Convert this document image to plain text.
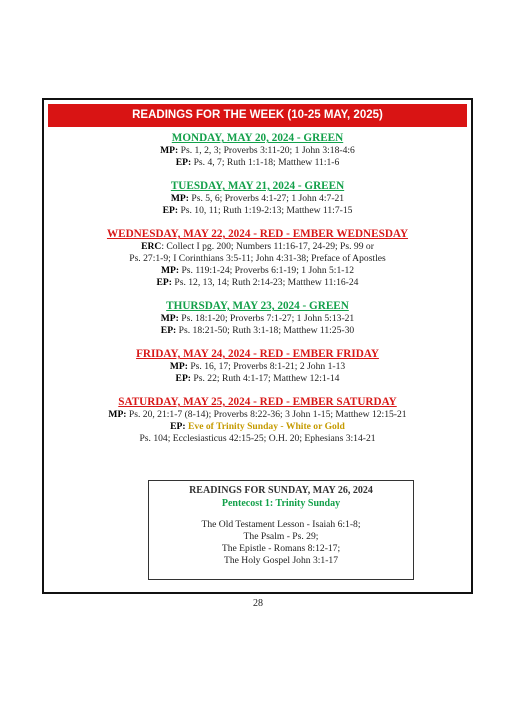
READINGS FOR THE WEEK (10-25 MAY, 2025)
MONDAY, MAY 20, 2024 - GREEN
MP: Ps. 1, 2, 3; Proverbs 3:11-20; 1 John 3:18-4:6
EP: Ps. 4, 7; Ruth 1:1-18; Matthew 11:1-6
TUESDAY, MAY 21, 2024 - GREEN
MP: Ps. 5, 6; Proverbs 4:1-27; 1 John 4:7-21
EP: Ps. 10, 11; Ruth 1:19-2:13; Matthew 11:7-15
WEDNESDAY, MAY 22, 2024 - RED - EMBER WEDNESDAY
ERC: Collect I pg. 200; Numbers 11:16-17, 24-29; Ps. 99 or
Ps. 27:1-9; I Corinthians 3:5-11; John 4:31-38; Preface of Apostles
MP: Ps. 119:1-24; Proverbs 6:1-19; 1 John 5:1-12
EP: Ps. 12, 13, 14; Ruth 2:14-23; Matthew 11:16-24
THURSDAY, MAY 23, 2024 - GREEN
MP: Ps. 18:1-20; Proverbs 7:1-27; 1 John 5:13-21
EP: Ps. 18:21-50; Ruth 3:1-18; Matthew 11:25-30
FRIDAY, MAY 24, 2024 - RED - EMBER FRIDAY
MP: Ps. 16, 17; Proverbs 8:1-21; 2 John 1-13
EP: Ps. 22; Ruth 4:1-17; Matthew 12:1-14
SATURDAY, MAY 25, 2024 - RED - EMBER SATURDAY
MP: Ps. 20, 21:1-7 (8-14); Proverbs 8:22-36; 3 John 1-15; Matthew 12:15-21
EP: Eve of Trinity Sunday - White or Gold
Ps. 104; Ecclesiasticus 42:15-25; O.H. 20; Ephesians 3:14-21
READINGS FOR SUNDAY, MAY 26, 2024
Pentecost 1: Trinity Sunday
The Old Testament Lesson - Isaiah 6:1-8;
The Psalm - Ps. 29;
The Epistle - Romans 8:12-17;
The Holy Gospel John 3:1-17
28
